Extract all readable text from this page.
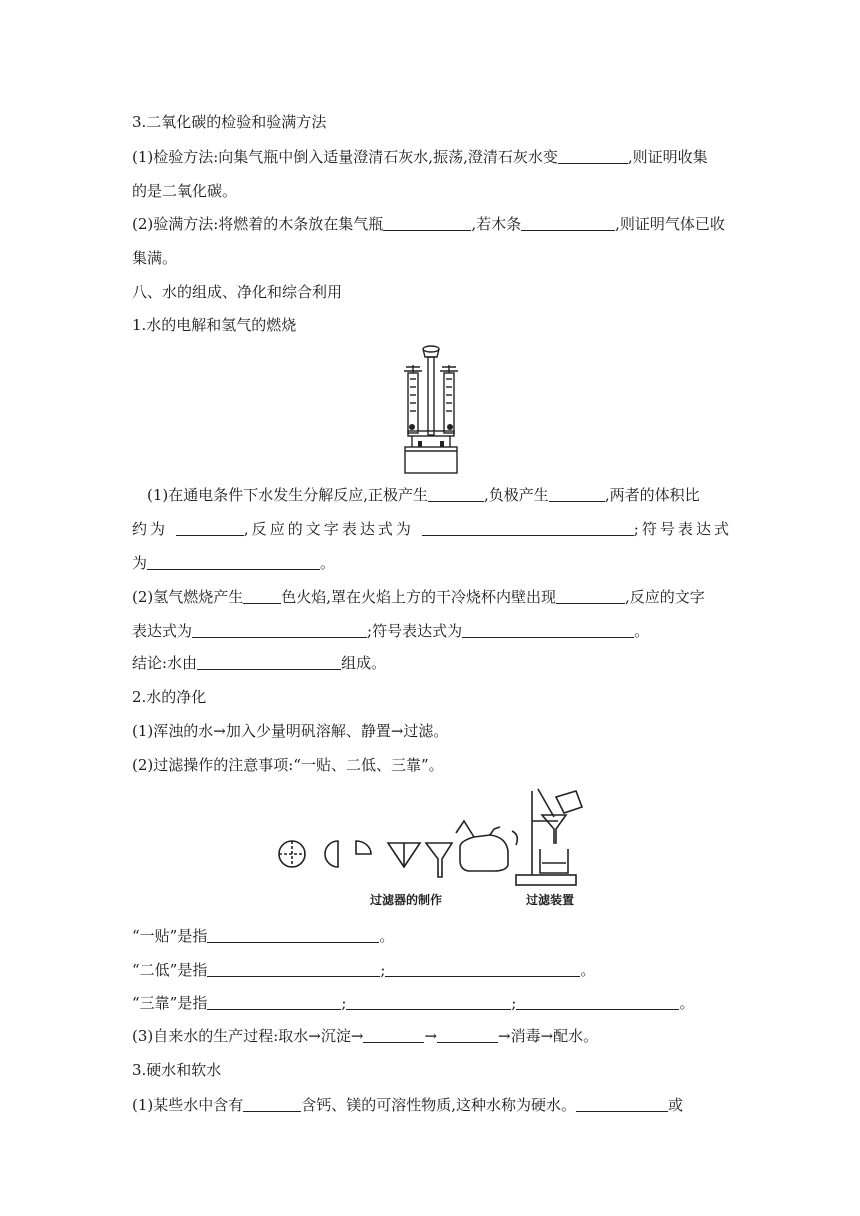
3.二氧化碳的检验和验满方法
(1)检验方法:向集气瓶中倒入适量澄清石灰水,振荡,澄清石灰水变	,则证明收集
的是二氧化碳。
(2)验满方法:将燃着的木条放在集气瓶	,若木条	,则证明气体已收
集满。
八、水的组成、净化和综合利用
1.水的电解和氢气的燃烧
(1)在通电条件下水发生分解反应,正极产生	,负极产生	,两者的体积比
约为	,反应的文字表达式为	;符号表达式
为	。
(2)氢气燃烧产生	色火焰,罩在火焰上方的干冷烧杯内壁出现	,反应的文字
表达式为	;符号表达式为	。
结论:水由	组成。
2.水的净化
(1)浑浊的水→加入少量明矾溶解、静置→过滤。
(2)过滤操作的注意事项:“一贴、二低、三靠”。
过滤器的制作	过滤装置
“一贴”是指	。
“二低”是指	;	。
“三靠”是指	;	;	。
(3)自来水的生产过程:取水→沉淀→	→	→消毒→配水。
3.硬水和软水
(1)某些水中含有	含钙、镁的可溶性物质,这种水称为硬水。	或
